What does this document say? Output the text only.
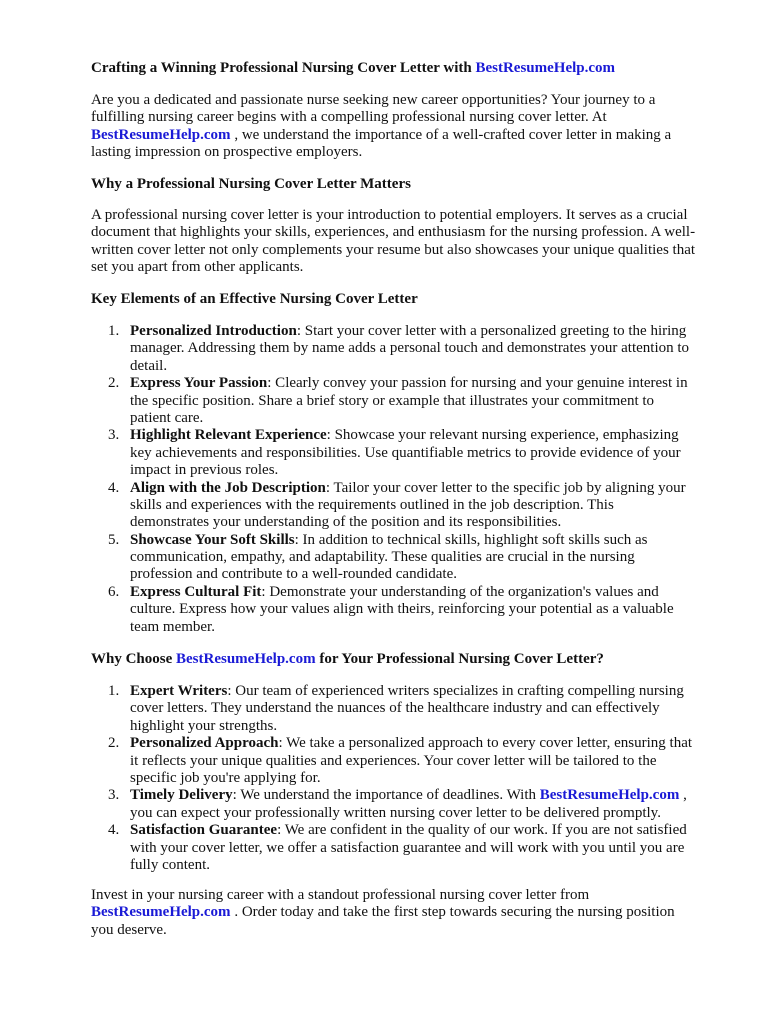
Crafting a Winning Professional Nursing Cover Letter with BestResumeHelp.com
Are you a dedicated and passionate nurse seeking new career opportunities? Your journey to a
fulfilling nursing career begins with a compelling professional nursing cover letter. At
BestResumeHelp.com , we understand the importance of a well-crafted cover letter in making a
lasting impression on prospective employers.
Why a Professional Nursing Cover Letter Matters
A professional nursing cover letter is your introduction to potential employers. It serves as a crucial
document that highlights your skills, experiences, and enthusiasm for the nursing profession. A well-
written cover letter not only complements your resume but also showcases your unique qualities that
set you apart from other applicants.
Key Elements of an Effective Nursing Cover Letter
1. Personalized Introduction: Start your cover letter with a personalized greeting to the hiring
manager. Addressing them by name adds a personal touch and demonstrates your attention to
detail.
2. Express Your Passion: Clearly convey your passion for nursing and your genuine interest in
the specific position. Share a brief story or example that illustrates your commitment to
patient care.
3. Highlight Relevant Experience: Showcase your relevant nursing experience, emphasizing
key achievements and responsibilities. Use quantifiable metrics to provide evidence of your
impact in previous roles.
4. Align with the Job Description: Tailor your cover letter to the specific job by aligning your
skills and experiences with the requirements outlined in the job description. This
demonstrates your understanding of the position and its responsibilities.
5. Showcase Your Soft Skills: In addition to technical skills, highlight soft skills such as
communication, empathy, and adaptability. These qualities are crucial in the nursing
profession and contribute to a well-rounded candidate.
6. Express Cultural Fit: Demonstrate your understanding of the organization's values and
culture. Express how your values align with theirs, reinforcing your potential as a valuable
team member.
Why Choose BestResumeHelp.com for Your Professional Nursing Cover Letter?
1. Expert Writers: Our team of experienced writers specializes in crafting compelling nursing
cover letters. They understand the nuances of the healthcare industry and can effectively
highlight your strengths.
2. Personalized Approach: We take a personalized approach to every cover letter, ensuring that
it reflects your unique qualities and experiences. Your cover letter will be tailored to the
specific job you're applying for.
3. Timely Delivery: We understand the importance of deadlines. With BestResumeHelp.com ,
you can expect your professionally written nursing cover letter to be delivered promptly.
4. Satisfaction Guarantee: We are confident in the quality of our work. If you are not satisfied
with your cover letter, we offer a satisfaction guarantee and will work with you until you are
fully content.
Invest in your nursing career with a standout professional nursing cover letter from
BestResumeHelp.com . Order today and take the first step towards securing the nursing position
you deserve.
